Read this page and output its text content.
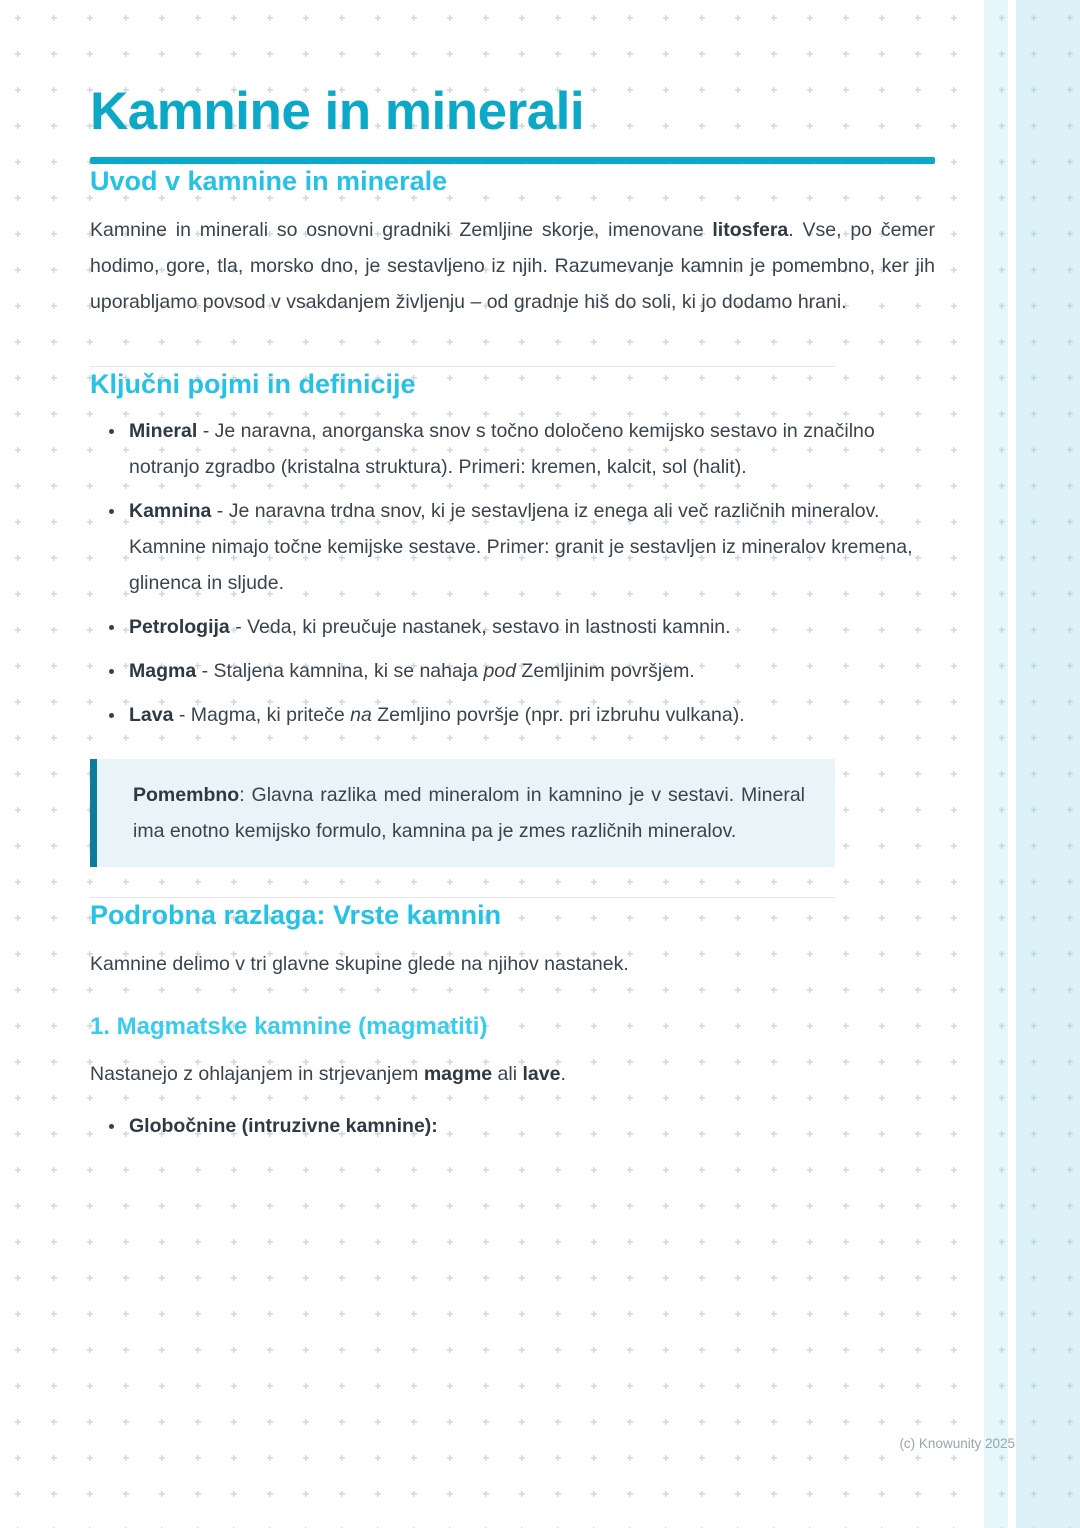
Kamnine in minerali
Uvod v kamnine in minerale

Kamnine in minerali so osnovni gradniki Zemljine skorje, imenovane litosfera. Vse, po čemer hodimo, gore, tla, morsko dno, je sestavljeno iz njih. Razumevanje kamnin je pomembno, ker jih uporabljamo povsod v vsakdanjem življenju – od gradnje hiš do soli, ki jo dodamo hrani.

Ključni pojmi in definicije
• Mineral - Je naravna, anorganska snov s točno določeno kemijsko sestavo in značilno notranjo zgradbo (kristalna struktura). Primeri: kremen, kalcit, sol (halit).
• Kamnina - Je naravna trdna snov, ki je sestavljena iz enega ali več različnih mineralov. Kamnine nimajo točne kemijske sestave. Primer: granit je sestavljen iz mineralov kremena, glinenca in sljude.
• Petrologija - Veda, ki preučuje nastanek, sestavo in lastnosti kamnin.
• Magma - Staljena kamnina, ki se nahaja pod Zemljinim površjem.
• Lava - Magma, ki priteče na Zemljino površje (npr. pri izbruhu vulkana).

Pomembno: Glavna razlika med mineralom in kamnino je v sestavi. Mineral ima enotno kemijsko formulo, kamnina pa je zmes različnih mineralov.

Podrobna razlaga: Vrste kamnin

Kamnine delimo v tri glavne skupine glede na njihov nastanek.

1. Magmatske kamnine (magmatiti)

Nastanejo z ohlajanjem in strjevanjem magme ali lave.

• Globočnine (intruzivne kamnine):
(c) Knowunity 2025
